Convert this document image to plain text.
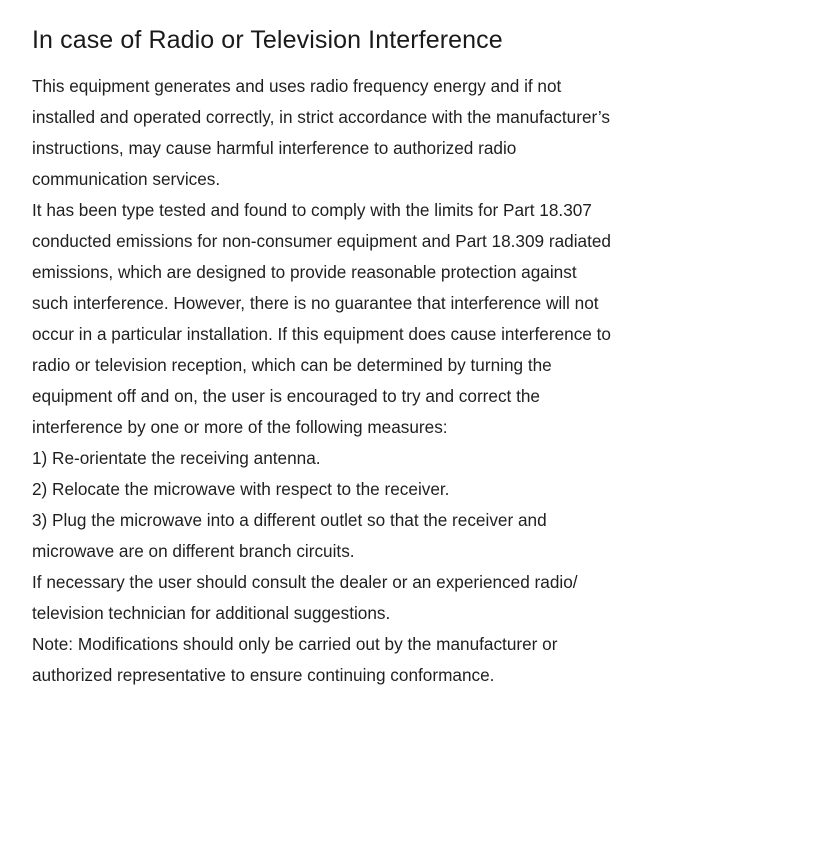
In case of Radio or Television Interference
This equipment generates and uses radio frequency energy and if not
installed and operated correctly, in strict accordance with the manufacturer’s
instructions, may cause harmful interference to authorized radio
communication services.
It has been type tested and found to comply with the limits for Part 18.307
conducted emissions for non-consumer equipment and Part 18.309 radiated
emissions, which are designed to provide reasonable protection against
such interference. However, there is no guarantee that interference will not
occur in a particular installation. If this equipment does cause interference to
radio or television reception, which can be determined by turning the
equipment off and on, the user is encouraged to try and correct the
interference by one or more of the following measures:
1) Re-orientate the receiving antenna.
2) Relocate the microwave with respect to the receiver.
3) Plug the microwave into a different outlet so that the receiver and
microwave are on different branch circuits.
If necessary the user should consult the dealer or an experienced radio/
television technician for additional suggestions.
Note: Modifications should only be carried out by the manufacturer or
authorized representative to ensure continuing conformance.
